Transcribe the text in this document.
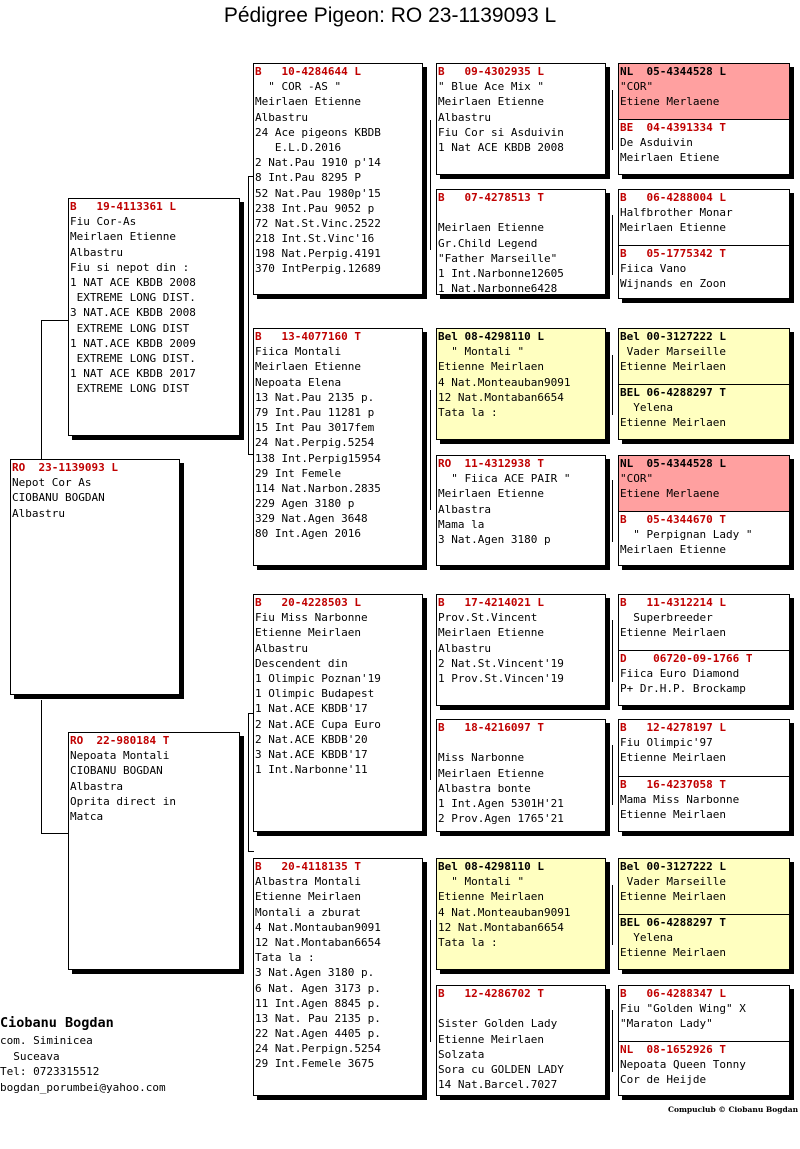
Pédigree Pigeon: RO 23-1139093 L
RO  23-1139093 L
Nepot Cor As
CIOBANU BOGDAN
Albastru
B   19-4113361 L
Fiu Cor-As
Meirlaen Etienne
Albastru
Fiu si nepot din :
1 NAT ACE KBDB 2008
EXTREME LONG DIST.
3 NAT.ACE KBDB 2008
EXTREME LONG DIST
1 NAT.ACE KBDB 2009
EXTREME LONG DIST.
1 NAT ACE KBDB 2017
EXTREME LONG DIST
RO  22-980184 T
Nepoata Montali
CIOBANU BOGDAN
Albastra
Oprita direct in
Matca
B   10-4284644 L
" COR -AS "
Meirlaen Etienne
Albastru
24 Ace pigeons KBDB
E.L.D.2016
2 Nat.Pau 1910 p'14
8 Int.Pau 8295 P
52 Nat.Pau 1980p'15
238 Int.Pau 9052 p
72 Nat.St.Vinc.2522
218 Int.St.Vinc'16
198 Nat.Perpig.4191
370 IntPerpig.12689
B   13-4077160 T
Fiica Montali
Meirlaen Etienne
Nepoata Elena
13 Nat.Pau 2135 p.
79 Int.Pau 11281 p
15 Int Pau 3017fem
24 Nat.Perpig.5254
138 Int.Perpig15954
29 Int Femele
114 Nat.Narbon.2835
229 Agen 3180 p
329 Nat.Agen 3648
80 Int.Agen 2016
B   20-4228503 L
Fiu Miss Narbonne
Etienne Meirlaen
Albastru
Descendent din
1 Olimpic Poznan'19
1 Olimpic Budapest
1 Nat.ACE KBDB'17
2 Nat.ACE Cupa Euro
2 Nat.ACE KBDB'20
3 Nat.ACE KBDB'17
1 Int.Narbonne'11
B   20-4118135 T
Albastra Montali
Etienne Meirlaen
Montali a zburat
4 Nat.Montauban9091
12 Nat.Montaban6654
Tata la :
3 Nat.Agen 3180 p.
6 Nat. Agen 3173 p.
11 Int.Agen 8845 p.
13 Nat. Pau 2135 p.
22 Nat.Agen 4405 p.
24 Nat.Perpign.5254
29 Int.Femele 3675
B   09-4302935 L
" Blue Ace Mix "
Meirlaen Etienne
Albastru
Fiu Cor si Asduivin
1 Nat ACE KBDB 2008
B   07-4278513 T
Meirlaen Etienne
Gr.Child Legend
"Father Marseille"
1 Int.Narbonne12605
1 Nat.Narbonne6428
Bel 08-4298110 L
" Montali "
Etienne Meirlaen
4 Nat.Monteauban9091
12 Nat.Montaban6654
Tata la :
RO  11-4312938 T
" Fiica ACE PAIR "
Meirlaen Etienne
Albastra
Mama la
3 Nat.Agen 3180 p
B   17-4214021 L
Prov.St.Vincent
Meirlaen Etienne
Albastru
2 Nat.St.Vincent'19
1 Prov.St.Vincen'19
B   18-4216097 T
Miss Narbonne
Meirlaen Etienne
Albastra bonte
1 Int.Agen 5301H'21
2 Prov.Agen 1765'21
Bel 08-4298110 L
" Montali "
Etienne Meirlaen
4 Nat.Monteauban9091
12 Nat.Montaban6654
Tata la :
B   12-4286702 T
Sister Golden Lady
Etienne Meirlaen
Solzata
Sora cu GOLDEN LADY
14 Nat.Barcel.7027
NL  05-4344528 L
"COR"
Etiene Merlaene
BE  04-4391334 T
De Asduivin
Meirlaen Etiene
B   06-4288004 L
Halfbrother Monar
Meirlaen Etienne
B   05-1775342 T
Fiica Vano
Wijnands en Zoon
Bel 00-3127222 L
Vader Marseille
Etienne Meirlaen
BEL 06-4288297 T
Yelena
Etienne Meirlaen
NL  05-4344528 L
"COR"
Etiene Merlaene
B   05-4344670 T
" Perpignan Lady "
Meirlaen Etienne
B   11-4312214 L
Superbreeder
Etienne Meirlaen
D    06720-09-1766 T
Fiica Euro Diamond
P+ Dr.H.P. Brockamp
B   12-4278197 L
Fiu Olimpic'97
Etienne Meirlaen
B   16-4237058 T
Mama Miss Narbonne
Etienne Meirlaen
Bel 00-3127222 L
Vader Marseille
Etienne Meirlaen
BEL 06-4288297 T
Yelena
Etienne Meirlaen
B   06-4288347 L
Fiu "Golden Wing" X
"Maraton Lady"
NL  08-1652926 T
Nepoata Queen Tonny
Cor de Heijde
Ciobanu Bogdan
com. Siminicea
Suceava
Tel: 0723315512
bogdan_porumbei@yahoo.com
Compuclub © Ciobanu Bogdan
